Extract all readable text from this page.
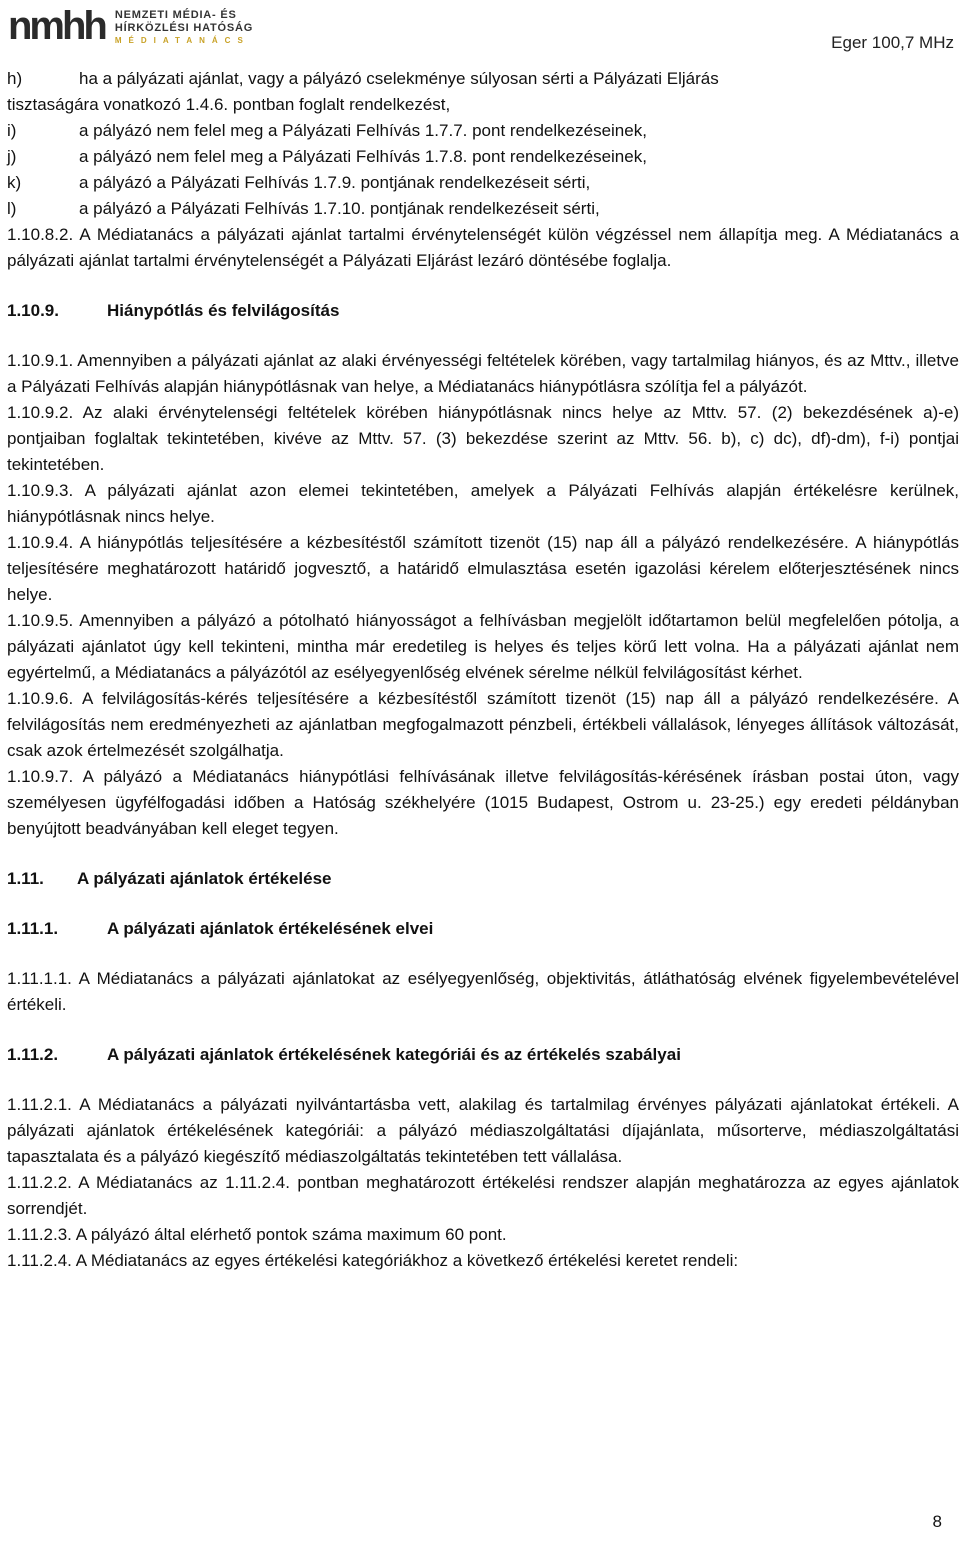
nmhh NEMZETI MÉDIA- ÉS
HÍRKÖZLÉSI HATÓSÁG
MÉDIATANÁCS	Eger 100,7 MHz
h)	ha a pályázati ajánlat, vagy a pályázó cselekménye súlyosan sérti a Pályázati Eljárás
tisztaságára vonatkozó 1.4.6. pontban foglalt rendelkezést,
i)	a pályázó nem felel meg a Pályázati Felhívás 1.7.7. pont rendelkezéseinek,
j)	a pályázó nem felel meg a Pályázati Felhívás 1.7.8. pont rendelkezéseinek,
k)	a pályázó a Pályázati Felhívás 1.7.9. pontjának rendelkezéseit sérti,
l)	a pályázó a Pályázati Felhívás 1.7.10. pontjának rendelkezéseit sérti,

1.10.8.2. A Médiatanács a pályázati ajánlat tartalmi érvénytelenségét külön végzéssel nem állapítja meg. A Médiatanács a pályázati ajánlat tartalmi érvénytelenségét a Pályázati Eljárást lezáró döntésébe foglalja.

1.10.9.	Hiánypótlás és felvilágosítás

1.10.9.1. Amennyiben a pályázati ajánlat az alaki érvényességi feltételek körében, vagy tartalmilag hiányos, és az Mttv., illetve a Pályázati Felhívás alapján hiánypótlásnak van helye, a Médiatanács hiánypótlásra szólítja fel a pályázót.

1.10.9.2. Az alaki érvénytelenségi feltételek körében hiánypótlásnak nincs helye az Mttv. 57. (2) bekezdésének a)-e) pontjaiban foglaltak tekintetében, kivéve az Mttv. 57. (3) bekezdése szerint az Mttv. 56. b), c) dc), df)-dm), f-i) pontjai tekintetében.

1.10.9.3. A pályázati ajánlat azon elemei tekintetében, amelyek a Pályázati Felhívás alapján értékelésre kerülnek, hiánypótlásnak nincs helye.

1.10.9.4. A hiánypótlás teljesítésére a kézbesítéstől számított tizenöt (15) nap áll a pályázó rendelkezésére. A hiánypótlás teljesítésére meghatározott határidő jogvesztő, a határidő elmulasztása esetén igazolási kérelem előterjesztésének nincs helye.

1.10.9.5. Amennyiben a pályázó a pótolható hiányosságot a felhívásban megjelölt időtartamon belül megfelelően pótolja, a pályázati ajánlatot úgy kell tekinteni, mintha már eredetileg is helyes és teljes körű lett volna. Ha a pályázati ajánlat nem egyértelmű, a Médiatanács a pályázótól az esélyegyenlőség elvének sérelme nélkül felvilágosítást kérhet.

1.10.9.6. A felvilágosítás-kérés teljesítésére a kézbesítéstől számított tizenöt (15) nap áll a pályázó rendelkezésére. A felvilágosítás nem eredményezheti az ajánlatban megfogalmazott pénzbeli, értékbeli vállalások, lényeges állítások változását, csak azok értelmezését szolgálhatja.

1.10.9.7. A pályázó a Médiatanács hiánypótlási felhívásának illetve felvilágosítás-kérésének írásban postai úton, vagy személyesen ügyfélfogadási időben a Hatóság székhelyére (1015 Budapest, Ostrom u. 23-25.) egy eredeti példányban benyújtott beadványában kell eleget tegyen.

1.11.	A pályázati ajánlatok értékelése
1.11.1.	A pályázati ajánlatok értékelésének elvei

1.11.1.1. A Médiatanács a pályázati ajánlatokat az esélyegyenlőség, objektivitás, átláthatóság elvének figyelembevételével értékeli.

1.11.2.	A pályázati ajánlatok értékelésének kategóriái és az értékelés szabályai

1.11.2.1. A Médiatanács a pályázati nyilvántartásba vett, alakilag és tartalmilag érvényes pályázati ajánlatokat értékeli. A pályázati ajánlatok értékelésének kategóriái: a pályázó médiaszolgáltatási díjajánlata, műsorterve, médiaszolgáltatási tapasztalata és a pályázó kiegészítő médiaszolgáltatás tekintetében tett vállalása.

1.11.2.2. A Médiatanács az 1.11.2.4. pontban meghatározott értékelési rendszer alapján meghatározza az egyes ajánlatok sorrendjét.

1.11.2.3. A pályázó által elérhető pontok száma maximum 60 pont.

1.11.2.4. A Médiatanács az egyes értékelési kategóriákhoz a következő értékelési keretet rendeli:

8
